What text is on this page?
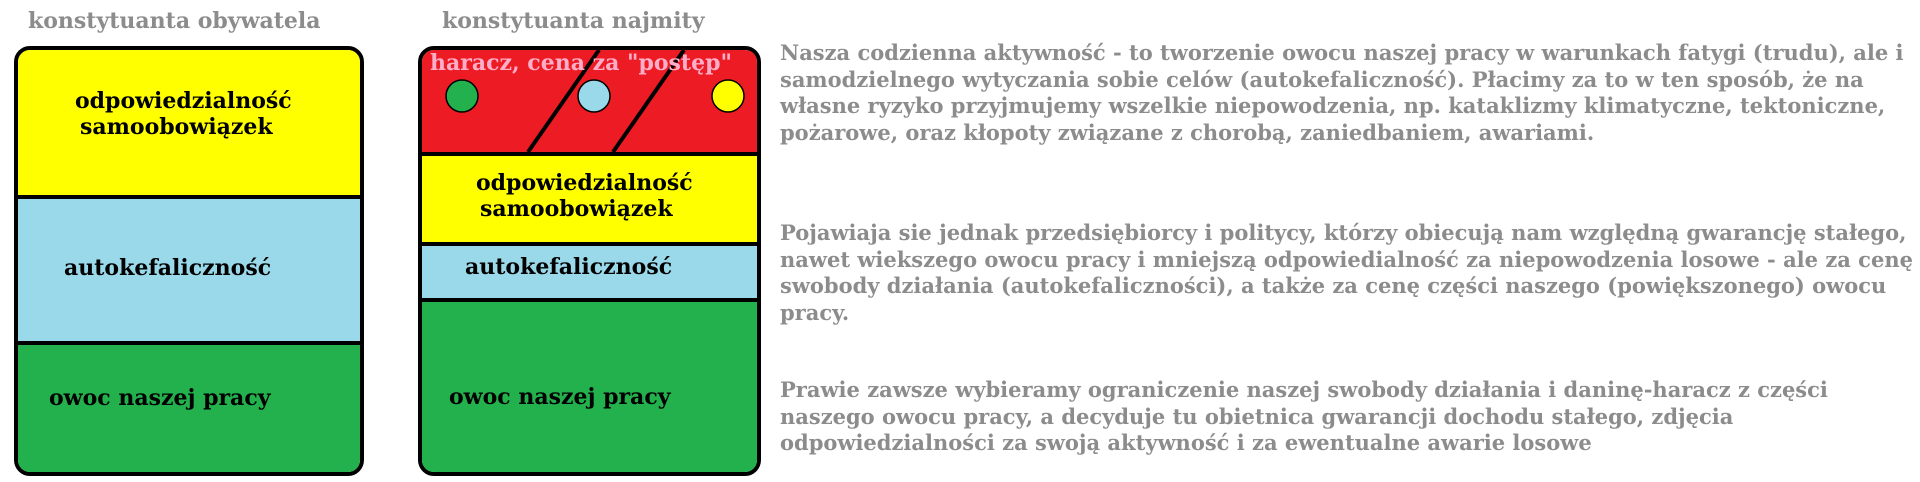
konstytuanta obywatela
odpowiedzialność
samoobowiązek
autokefaliczność
owoc naszej pracy
konstytuanta najmity
haracz, cena za "postęp"
odpowiedzialność
samoobowiązek
autokefaliczność
owoc naszej pracy

Nasza codzienna aktywność - to tworzenie owocu naszej pracy w warunkach fatygi (trudu), ale i samodzielnego wytyczania sobie celów (autokefaliczność). Płacimy za to w ten sposób, że na własne ryzyko przyjmujemy wszelkie niepowodzenia, np. kataklizmy klimatyczne, tektoniczne, pożarowe, oraz kłopoty związane z chorobą, zaniedbaniem, awariami.

Pojawiaja sie jednak przedsiębiorcy i politycy, którzy obiecują nam względną gwarancję stałego, nawet wiekszego owocu pracy i mniejszą odpowiedialność za niepowodzenia losowe - ale za cenę swobody działania (autokefaliczności), a także za cenę części naszego (powiększonego) owocu pracy.

Prawie zawsze wybieramy ograniczenie naszej swobody działania i daninę-haracz z części naszego owocu pracy, a decyduje tu obietnica gwarancji dochodu stałego, zdjęcia odpowiedzialności za swoją aktywność i za ewentualne awarie losowe
